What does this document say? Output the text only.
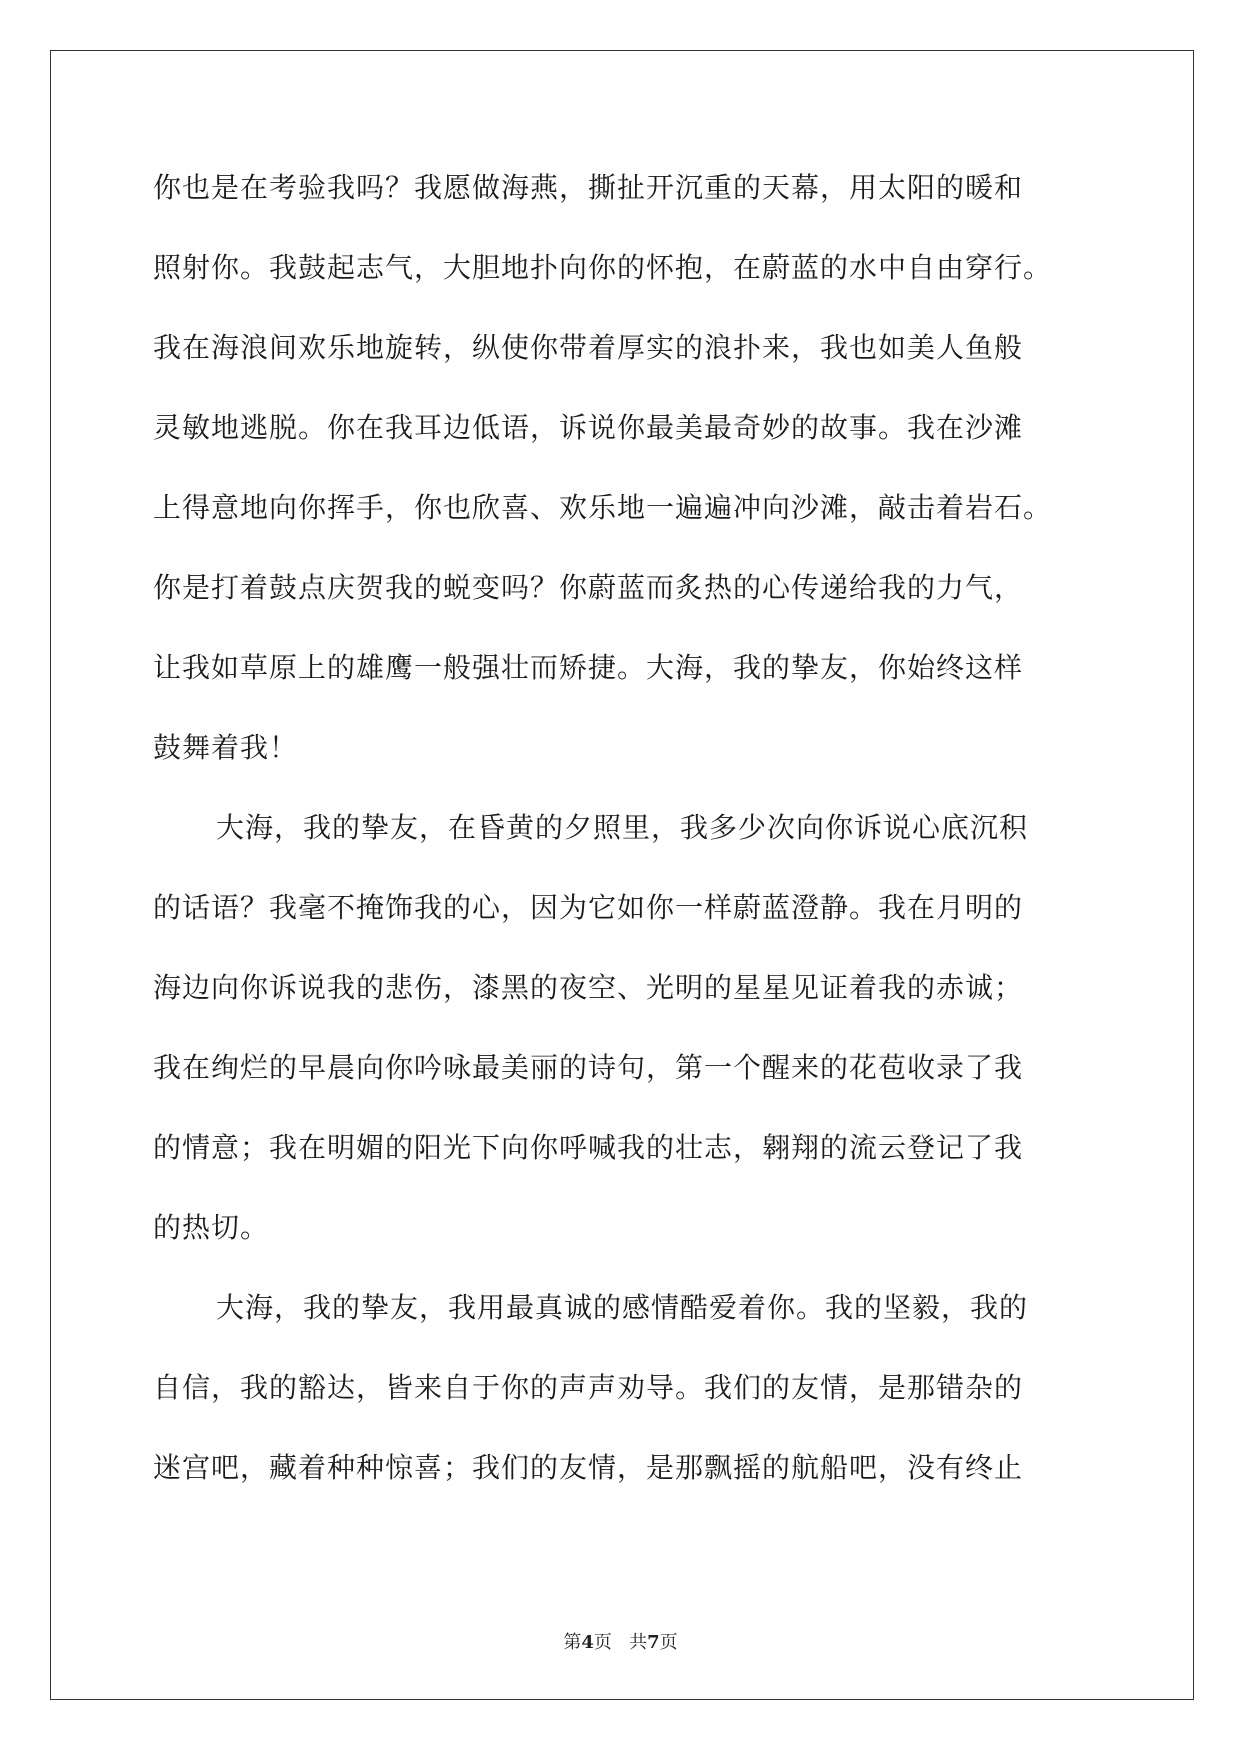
你也是在考验我吗？我愿做海燕，撕扯开沉重的天幕，用太阳的暖和
照射你。我鼓起志气，大胆地扑向你的怀抱，在蔚蓝的水中自由穿行。
我在海浪间欢乐地旋转，纵使你带着厚实的浪扑来，我也如美人鱼般
灵敏地逃脱。你在我耳边低语，诉说你最美最奇妙的故事。我在沙滩
上得意地向你挥手，你也欣喜、欢乐地一遍遍冲向沙滩，敲击着岩石。
你是打着鼓点庆贺我的蜕变吗？你蔚蓝而炙热的心传递给我的力气，
让我如草原上的雄鹰一般强壮而矫捷。大海，我的挚友，你始终这样
鼓舞着我！
大海，我的挚友，在昏黄的夕照里，我多少次向你诉说心底沉积
的话语？我毫不掩饰我的心，因为它如你一样蔚蓝澄静。我在月明的
海边向你诉说我的悲伤，漆黑的夜空、光明的星星见证着我的赤诚；
我在绚烂的早晨向你吟咏最美丽的诗句，第一个醒来的花苞收录了我
的情意；我在明媚的阳光下向你呼喊我的壮志，翱翔的流云登记了我
的热切。
大海，我的挚友，我用最真诚的感情酷爱着你。我的坚毅，我的
自信，我的豁达，皆来自于你的声声劝导。我们的友情，是那错杂的
迷宫吧，藏着种种惊喜；我们的友情，是那飘摇的航船吧，没有终止
第4页 共7页
